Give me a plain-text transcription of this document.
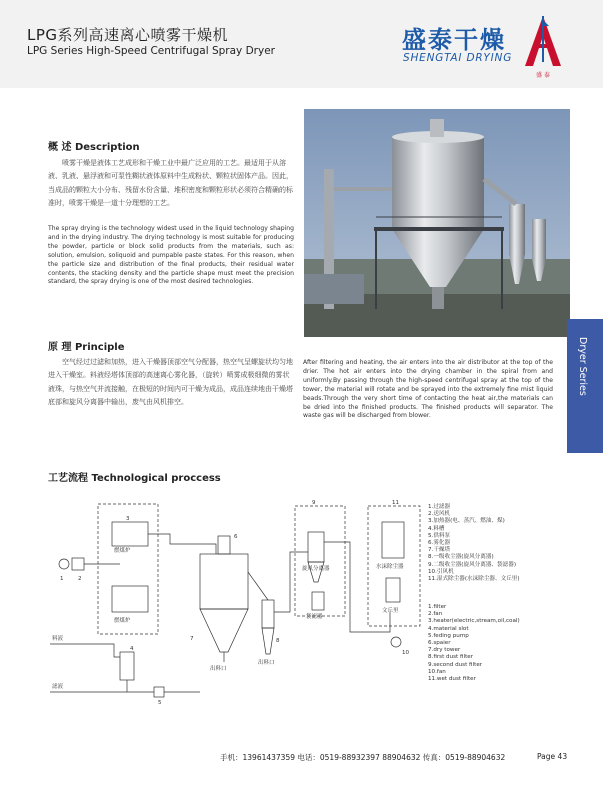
LPG系列高速离心喷雾干燥机
LPG Series High-Speed Centrifugal Spray Dryer	盛泰干燥
SHENGTAI DRYING
盛 泰
概 述 Description
喷雾干燥是液体工艺成形和干燥工业中最广泛应用的工艺。最适用于从溶液、乳液、悬浮液和可泵性糊状液体原料中生成粉状、颗粒状固体产品。因此，当成品的颗粒大小分布、残留水份含量、堆积密度和颗粒形状必须符合精确的标准时，喷雾干燥是一道十分理想的工艺。
The spray drying is the technology widest used in the liquid technology shaping and in the drying industry. The drying technology is most suitable for producing the powder, particle or block solid products from the materials, such as: solution, emulsion, soliquoid and pumpable paste states. For this reason, when the particle size and distribution of the final products, their residual water contents, the stacking density and the particle shape must meet the precision standard, the spray drying is one of the most desired technologies.
Dryer Series
原 理 Principle
空气经过过滤和加热，进入干燥器顶部空气分配器，热空气呈螺旋状均匀地进入干燥室。料液经塔体顶部的高速离心雾化器，（旋转）喷雾成极细微的雾状液珠，与热空气并流接触，在极短的时间内可干燥为成品，成品连续地由干燥塔底部和旋风分离器中输出，废气由风机排空。
After filtering and heating, the air enters into the air distributor at the top of the drier. The hot air enters into the drying chamber in the spiral from and uniformly.By passing through the high-speed centrifugal spray at the top of the tower, the material will rotate and be sprayed into the extremely fine mist liquid beads.Through the very short time of contacting the heat air,the materials can be dried into the finished products. The finished products will separator. The waste gas will be discharged from blower.
工艺流程 Technological proccess
1	2
3
4
5
6
7	8
9
10
11
燃煤炉
燃煤炉
料液
滤液
出料口
出料口
旋风分离器
袋滤器
水沫除尘器
文丘里
1.过滤器
2.送风机
3.加热器(电、蒸汽、燃油、煤)
4.料槽
5.供料泵
6.雾化器
7.干燥塔
8.一级收尘器(旋风分离器)
9.二级收尘器(旋风分离器、袋滤器)
10.引风机
11.湿式除尘器(水沫除尘器、文丘里)
1.filter
2.fan
3.heater(electric,stream,oil,coal)
4.material slot
5.feding pump
6.spaier
7.dry tower
8.first dust filter
9.second dust filter
10.fan
11.wet dust filter
手机：13961437359 电话：0519-88932397 88904632 传真：0519-88904632	Page 43
